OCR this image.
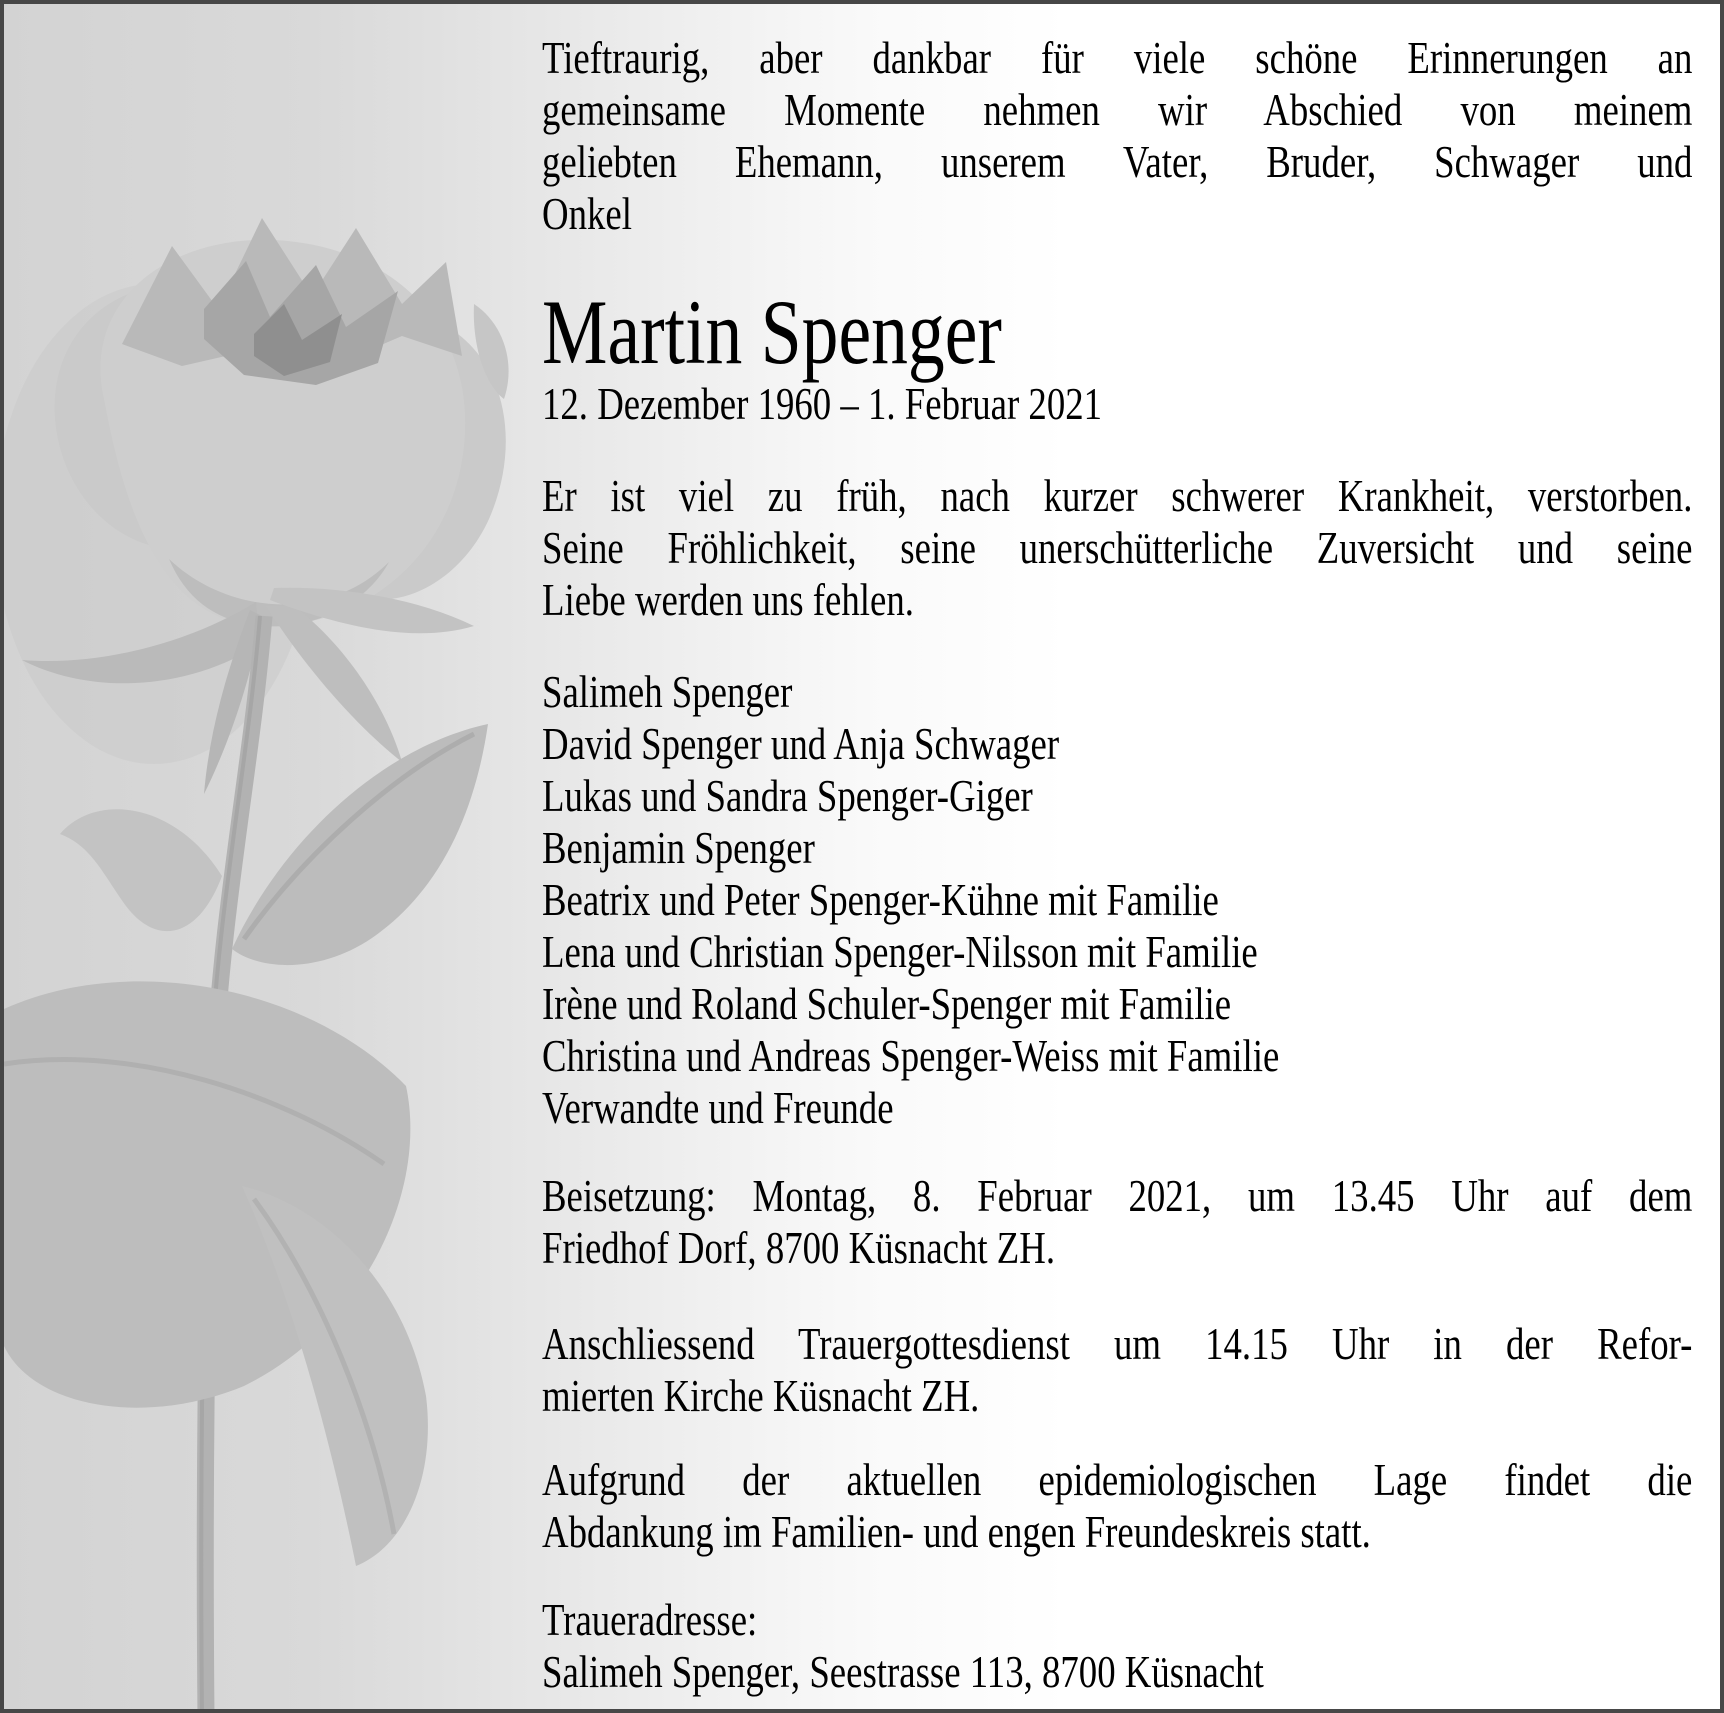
Tieftraurig, aber dankbar für viele schöne Erinnerungen an
gemeinsame Momente nehmen wir Abschied von meinem
geliebten Ehemann, unserem Vater, Bruder, Schwager und
Onkel
Martin Spenger
12. Dezember 1960 – 1. Februar 2021
Er ist viel zu früh, nach kurzer schwerer Krankheit, verstorben.
Seine Fröhlichkeit, seine unerschütterliche Zuversicht und seine
Liebe werden uns fehlen.
Salimeh Spenger
David Spenger und Anja Schwager
Lukas und Sandra Spenger-Giger
Benjamin Spenger
Beatrix und Peter Spenger-Kühne mit Familie
Lena und Christian Spenger-Nilsson mit Familie
Irène und Roland Schuler-Spenger mit Familie
Christina und Andreas Spenger-Weiss mit Familie
Verwandte und Freunde
Beisetzung: Montag, 8. Februar 2021, um 13.45 Uhr auf dem
Friedhof Dorf, 8700 Küsnacht ZH.
Anschliessend Trauergottesdienst um 14.15 Uhr in der Refor-
mierten Kirche Küsnacht ZH.
Aufgrund der aktuellen epidemiologischen Lage findet die
Abdankung im Familien- und engen Freundeskreis statt.
Traueradresse:
Salimeh Spenger, Seestrasse 113, 8700 Küsnacht
